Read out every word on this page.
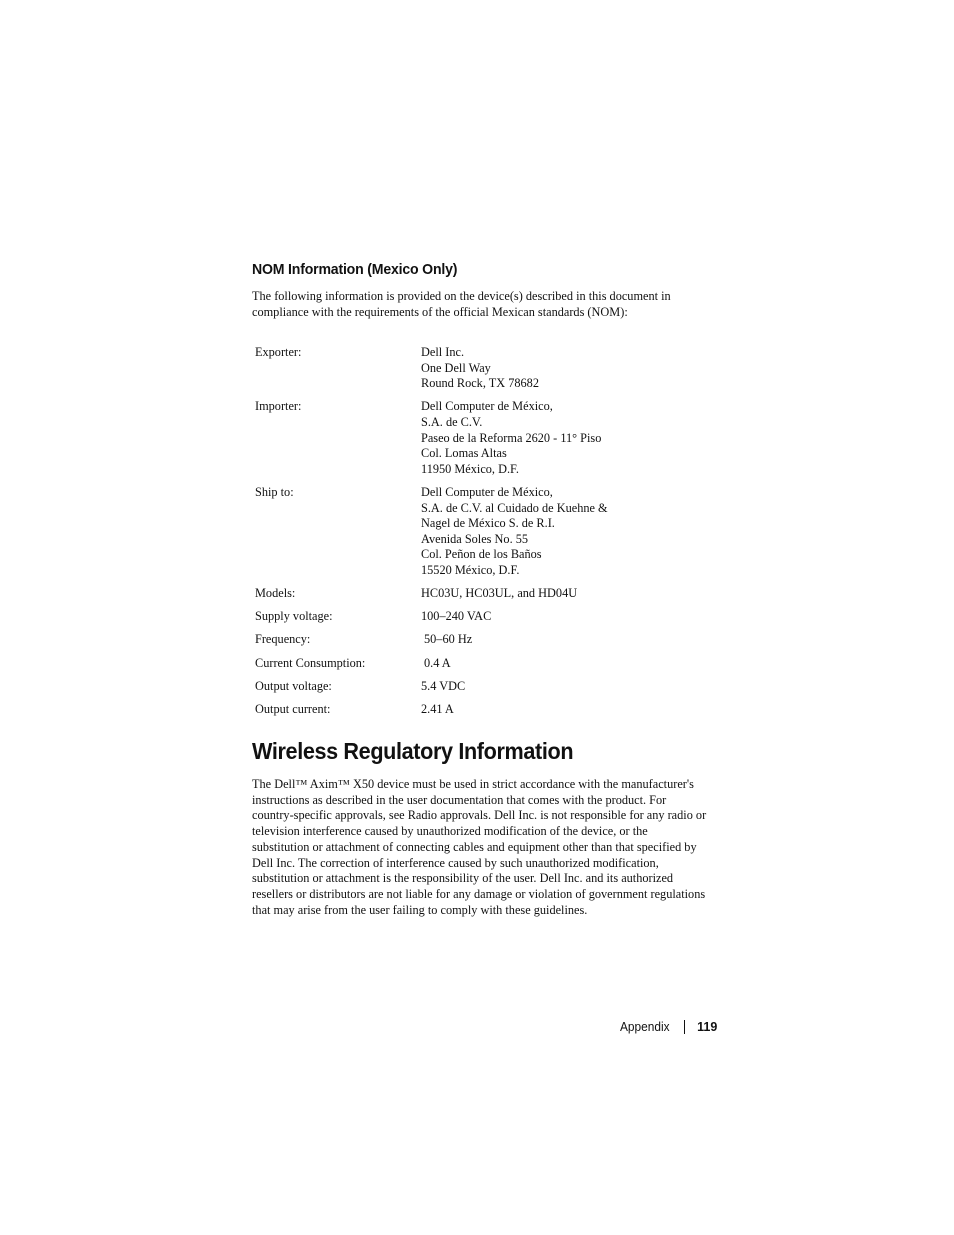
NOM Information (Mexico Only)

The following information is provided on the device(s) described in this document in
compliance with the requirements of the official Mexican standards (NOM):

Exporter:	Dell Inc.
One Dell Way
Round Rock, TX 78682
Importer:	Dell Computer de México,
S.A. de C.V.
Paseo de la Reforma 2620 - 11° Piso
Col. Lomas Altas
11950 México, D.F.
Ship to:	Dell Computer de México,
S.A. de C.V. al Cuidado de Kuehne &
Nagel de México S. de R.I.
Avenida Soles No. 55
Col. Peñon de los Baños
15520 México, D.F.
Models:	HC03U, HC03UL, and HD04U
Supply voltage:	100–240 VAC
Frequency:	50–60 Hz
Current Consumption:	0.4 A
Output voltage:	5.4 VDC
Output current:	2.41 A
Wireless Regulatory Information
The Dell™ Axim™ X50 device must be used in strict accordance with the manufacturer's
instructions as described in the user documentation that comes with the product. For
country-specific approvals, see Radio approvals. Dell Inc. is not responsible for any radio or
television interference caused by unauthorized modification of the device, or the
substitution or attachment of connecting cables and equipment other than that specified by
Dell Inc. The correction of interference caused by such unauthorized modification,
substitution or attachment is the responsibility of the user. Dell Inc. and its authorized
resellers or distributors are not liable for any damage or violation of government regulations
that may arise from the user failing to comply with these guidelines.
Appendix 119
